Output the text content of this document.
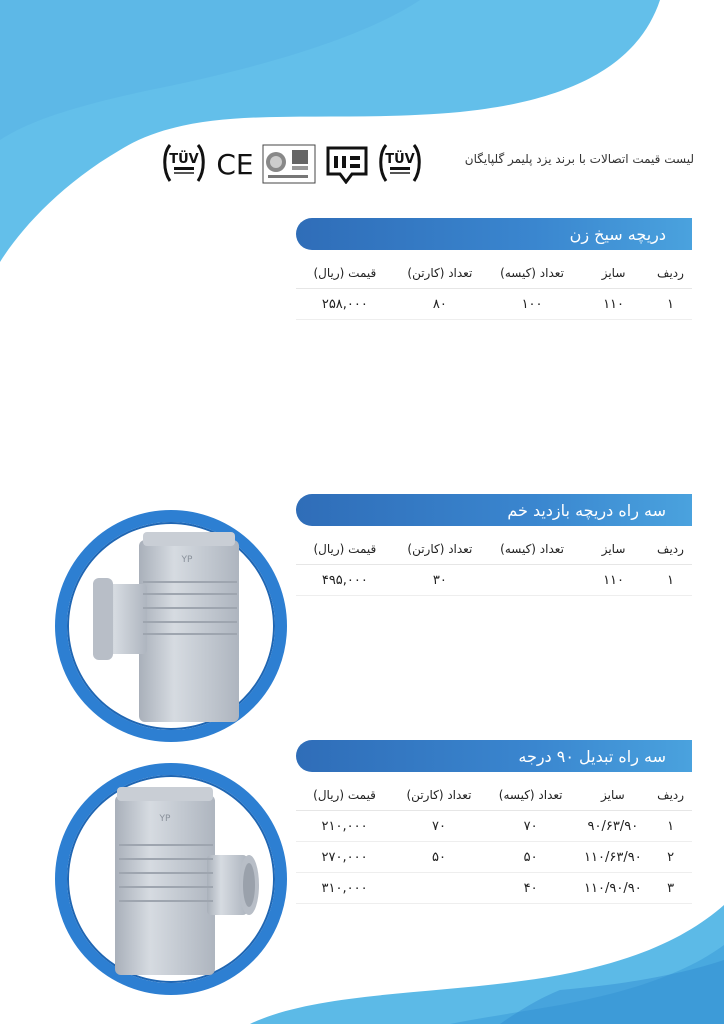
TÜV CE	TÜV	لیست قیمت اتصالات با برند یزد پلیمر گلپایگان
دریچه سیخ زن
ردیف	سایز	تعداد (کیسه)	تعداد (کارتن)	قیمت (ریال)
۱	۱۱۰	۱۰۰	۸۰	۲۵۸,۰۰۰
سه راه دریچه بازدید خم
ردیف	سایز	تعداد (کیسه)	تعداد (کارتن)	قیمت (ریال)
۱	۱۱۰		۳۰	۴۹۵,۰۰۰
سه راه تبدیل ۹۰ درجه
ردیف	سایز	تعداد (کیسه)	تعداد (کارتن)	قیمت (ریال)
۱	۹۰/۶۳/۹۰	۷۰	۷۰	۲۱۰,۰۰۰
۲	۱۱۰/۶۳/۹۰	۵۰	۵۰	۲۷۰,۰۰۰
۳	۱۱۰/۹۰/۹۰	۴۰		۳۱۰,۰۰۰
YP
YP
